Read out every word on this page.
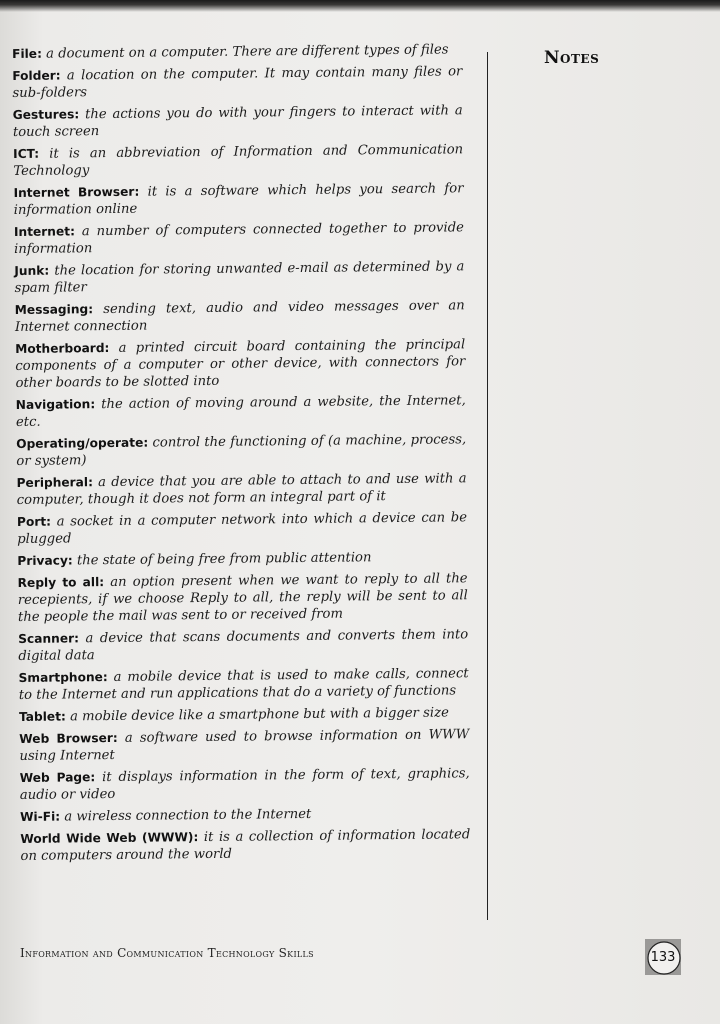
File: a document on a computer. There are different types of files

Folder: a location on the computer. It may contain many files or sub-folders

Gestures: the actions you do with your fingers to interact with a touch screen

ICT: it is an abbreviation of Information and Communication Technology

Internet Browser: it is a software which helps you search for information online

Internet: a number of computers connected together to provide information

Junk: the location for storing unwanted e-mail as determined by a spam filter

Messaging: sending text, audio and video messages over an Internet connection

Motherboard: a printed circuit board containing the principal components of a computer or other device, with connectors for other boards to be slotted into

Navigation: the action of moving around a website, the Internet, etc.

Operating/operate: control the functioning of (a machine, process, or system)

Peripheral: a device that you are able to attach to and use with a computer, though it does not form an integral part of it

Port: a socket in a computer network into which a device can be plugged

Privacy: the state of being free from public attention

Reply to all: an option present when we want to reply to all the recepients, if we choose Reply to all, the reply will be sent to all the people the mail was sent to or received from

Scanner: a device that scans documents and converts them into digital data

Smartphone: a mobile device that is used to make calls, connect to the Internet and run applications that do a variety of functions

Tablet: a mobile device like a smartphone but with a bigger size

Web Browser: a software used to browse information on WWW using Internet

Web Page: it displays information in the form of text, graphics, audio or video

Wi-Fi: a wireless connection to the Internet

World Wide Web (WWW): it is a collection of information located on computers around the world

Notes
Information and Communication Technology Skills	133
